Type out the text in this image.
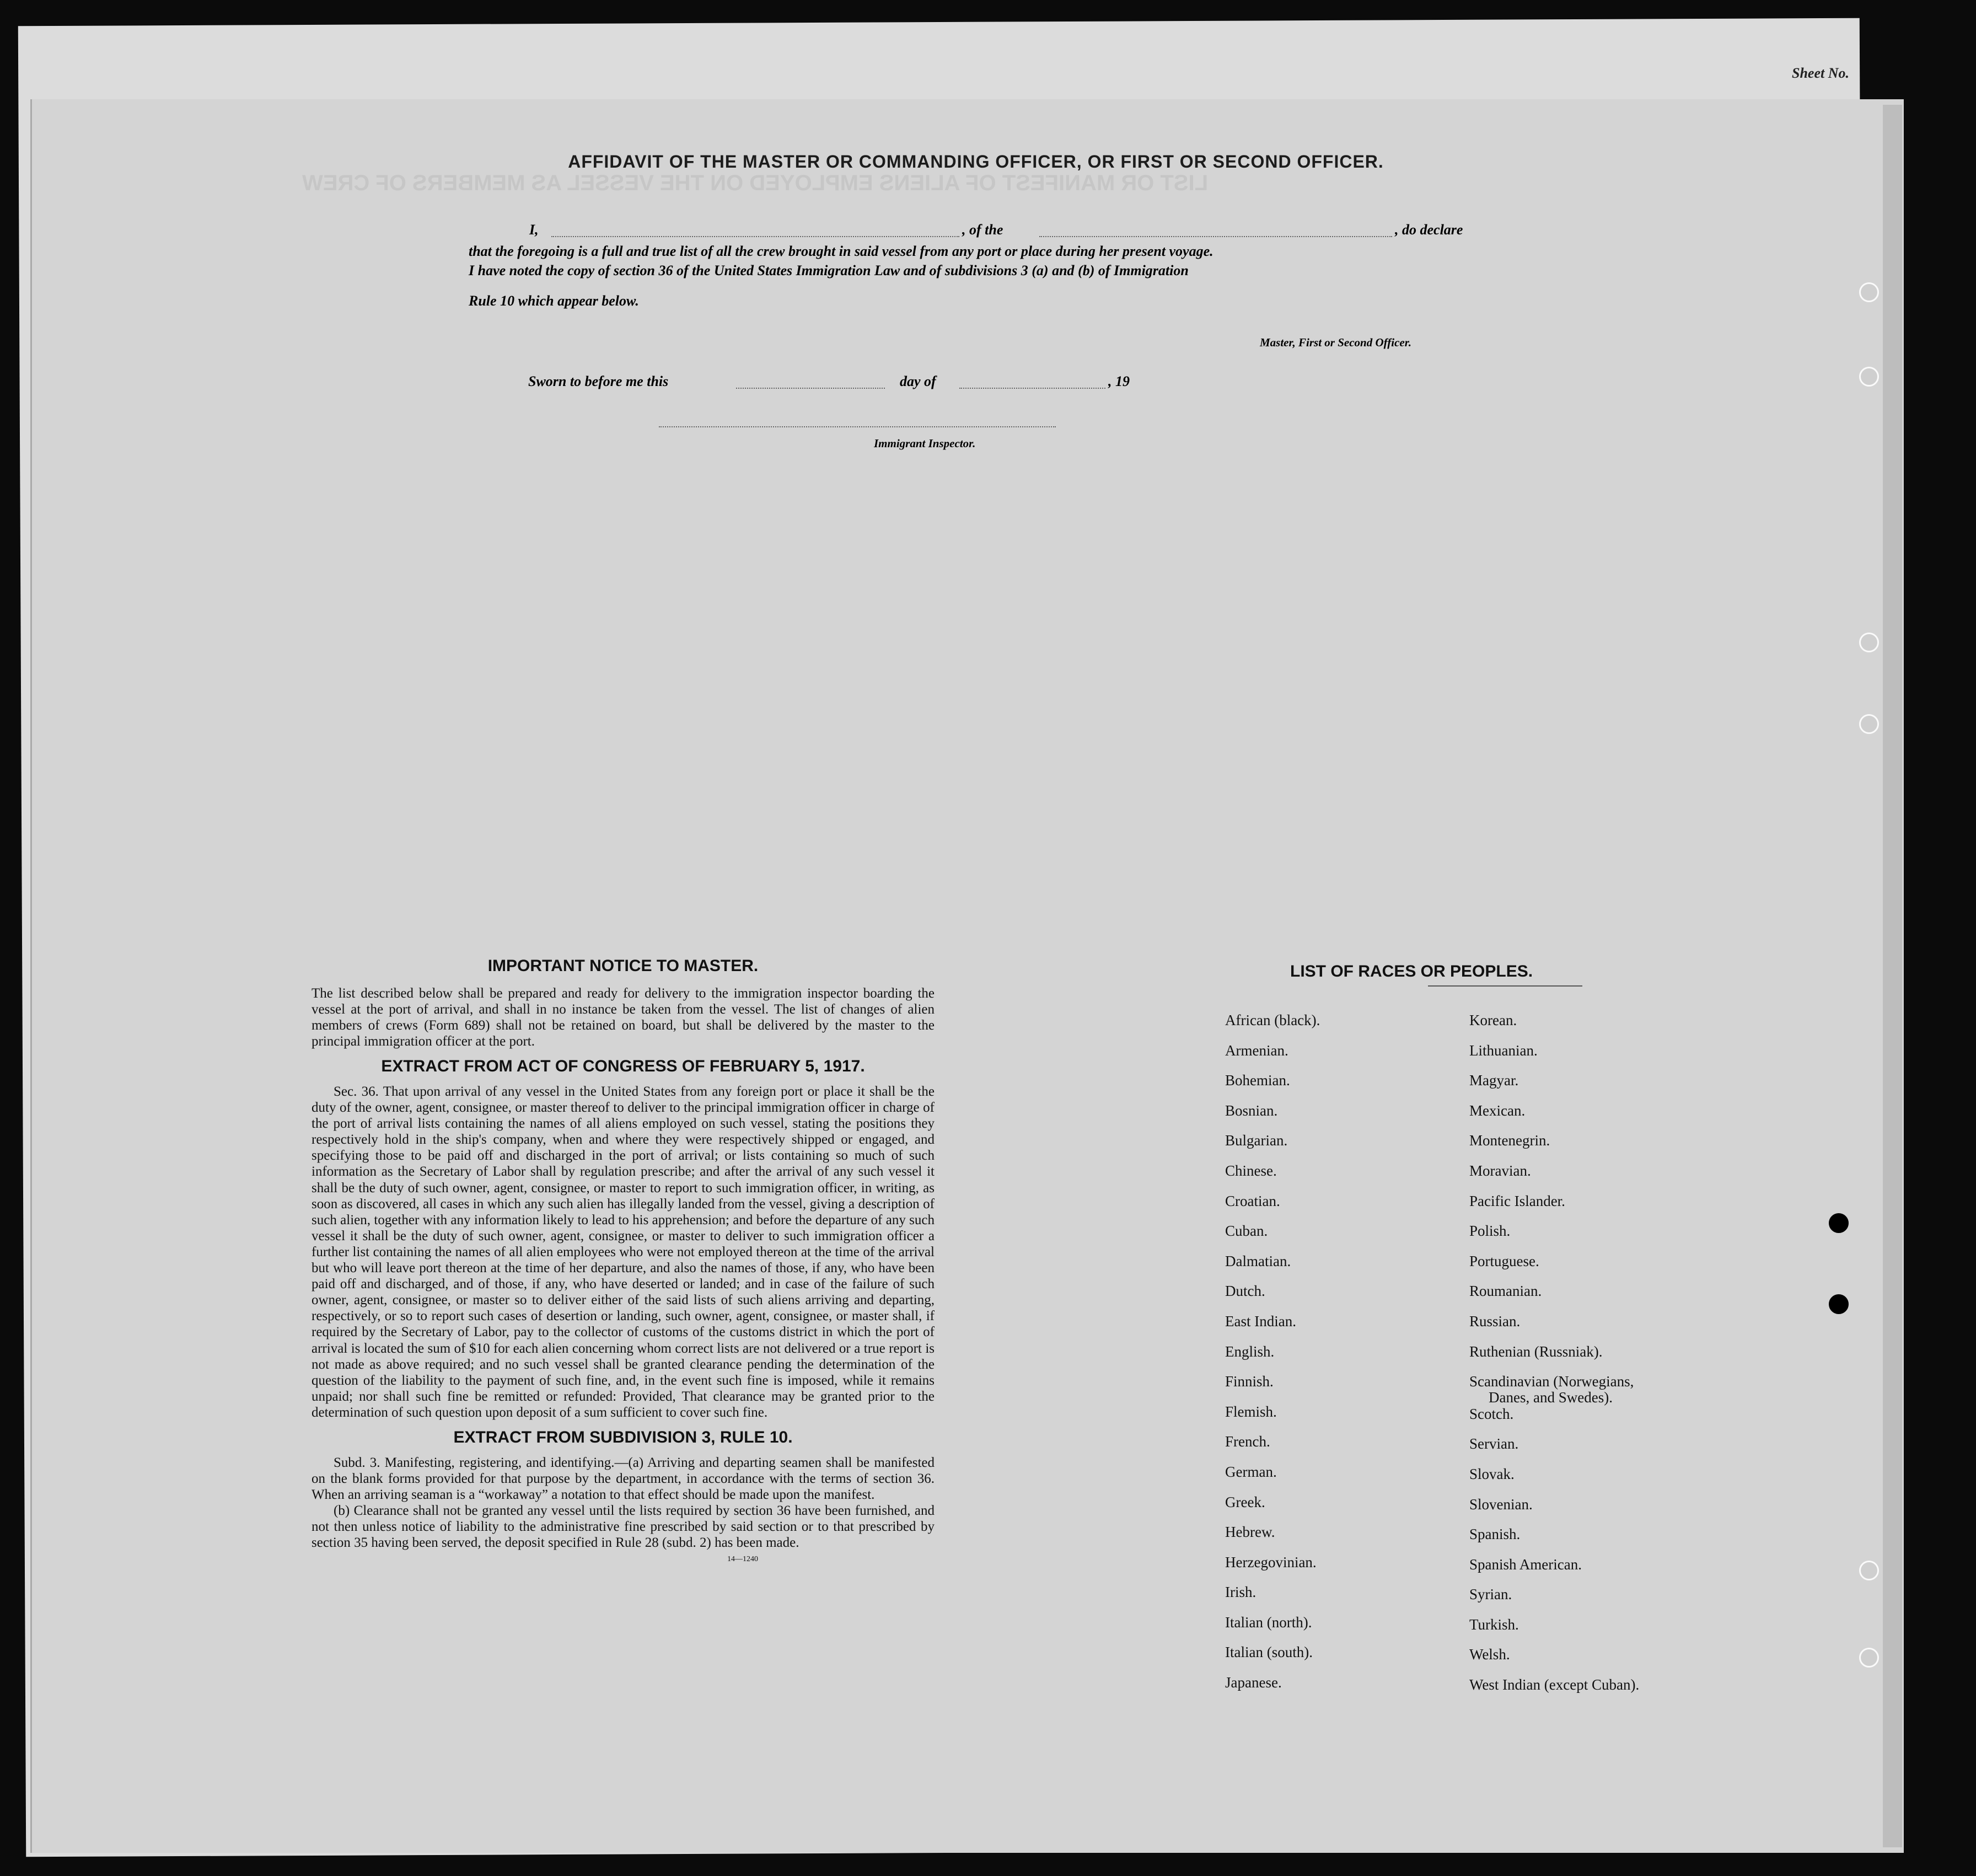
Sheet No.
LIST OR MANIFEST OF ALIENS EMPLOYED ON THE VESSEL AS MEMBERS OF CREW
AFFIDAVIT OF THE MASTER OR COMMANDING OFFICER, OR FIRST OR SECOND OFFICER.
I,	, of the	, do declare
that the foregoing is a full and true list of all the crew brought in said vessel from any port or place during her present voyage.
I have noted the copy of section 36 of the United States Immigration Law and of subdivisions 3 (a) and (b) of Immigration
Rule 10 which appear below.
Master, First or Second Officer.
Sworn to before me this	day of	, 19
Immigrant Inspector.
IMPORTANT NOTICE TO MASTER.
The list described below shall be prepared and ready for delivery to the immigration inspector boarding the vessel at the port of arrival, and shall in no instance be taken from the vessel. The list of changes of alien members of crews (Form 689) shall not be retained on board, but shall be delivered by the master to the principal immigration officer at the port.
EXTRACT FROM ACT OF CONGRESS OF FEBRUARY 5, 1917.
Sec. 36. That upon arrival of any vessel in the United States from any foreign port or place it shall be the duty of the owner, agent, consignee, or master thereof to deliver to the principal immigration officer in charge of the port of arrival lists containing the names of all aliens employed on such vessel, stating the positions they respectively hold in the ship's company, when and where they were respectively shipped or engaged, and specifying those to be paid off and discharged in the port of arrival; or lists containing so much of such information as the Secretary of Labor shall by regulation prescribe; and after the arrival of any such vessel it shall be the duty of such owner, agent, consignee, or master to report to such immigration officer, in writing, as soon as discovered, all cases in which any such alien has illegally landed from the vessel, giving a description of such alien, together with any information likely to lead to his apprehension; and before the departure of any such vessel it shall be the duty of such owner, agent, consignee, or master to deliver to such immigration officer a further list containing the names of all alien employees who were not employed thereon at the time of the arrival but who will leave port thereon at the time of her departure, and also the names of those, if any, who have been paid off and discharged, and of those, if any, who have deserted or landed; and in case of the failure of such owner, agent, consignee, or master so to deliver either of the said lists of such aliens arriving and departing, respectively, or so to report such cases of desertion or landing, such owner, agent, consignee, or master shall, if required by the Secretary of Labor, pay to the collector of customs of the customs district in which the port of arrival is located the sum of $10 for each alien concerning whom correct lists are not delivered or a true report is not made as above required; and no such vessel shall be granted clearance pending the determination of the question of the liability to the payment of such fine, and, in the event such fine is imposed, while it remains unpaid; nor shall such fine be remitted or refunded: Provided, That clearance may be granted prior to the determination of such question upon deposit of a sum sufficient to cover such fine.
EXTRACT FROM SUBDIVISION 3, RULE 10.
Subd. 3. Manifesting, registering, and identifying.—(a) Arriving and departing seamen shall be manifested on the blank forms provided for that purpose by the department, in accordance with the terms of section 36. When an arriving seaman is a “workaway” a notation to that effect should be made upon the manifest.
(b) Clearance shall not be granted any vessel until the lists required by section 36 have been furnished, and not then unless notice of liability to the administrative fine prescribed by said section or to that prescribed by section 35 having been served, the deposit specified in Rule 28 (subd. 2) has been made.
14—1240
LIST OF RACES OR PEOPLES.
African (black).
Armenian.
Bohemian.
Bosnian.
Bulgarian.
Chinese.
Croatian.
Cuban.
Dalmatian.
Dutch.
East Indian.
English.
Finnish.
Flemish.
French.
German.
Greek.
Hebrew.
Herzegovinian.
Irish.
Italian (north).
Italian (south).
Japanese.
Korean.
Lithuanian.
Magyar.
Mexican.
Montenegrin.
Moravian.
Pacific Islander.
Polish.
Portuguese.
Roumanian.
Russian.
Ruthenian (Russniak).
Scandinavian (Norwegians,
Danes, and Swedes).
Scotch.
Servian.
Slovak.
Slovenian.
Spanish.
Spanish American.
Syrian.
Turkish.
Welsh.
West Indian (except Cuban).
